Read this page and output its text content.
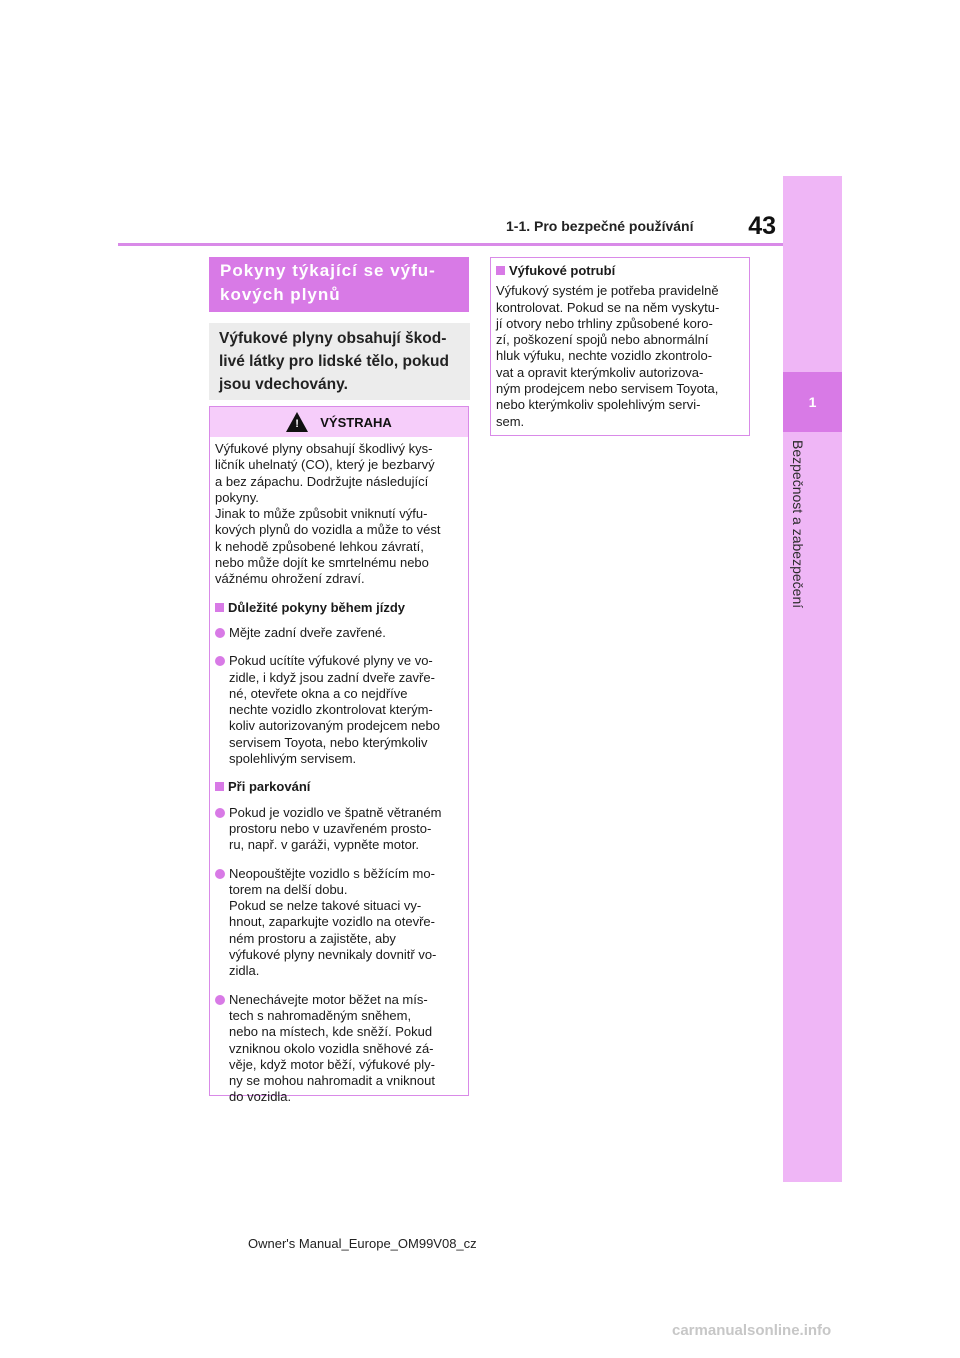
43
1-1. Pro bezpečné používání
1
Bezpečnost a zabezpečení
Pokyny týkající se výfu-
kových plynů
Výfukové plyny obsahují škod-
livé látky pro lidské tělo, pokud
jsou vdechovány.
! VÝSTRAHA

Výfukové plyny obsahují škodlivý kys-

ličník uhelnatý (CO), který je bezbarvý

a bez zápachu. Dodržujte následující

pokyny.

Jinak to může způsobit vniknutí výfu-

kových plynů do vozidla a může to vést

k nehodě způsobené lehkou závratí,

nebo může dojít ke smrtelnému nebo

vážnému ohrožení zdraví.

Důležité pokyny během jízdy

Mějte zadní dveře zavřené.

Pokud ucítíte výfukové plyny ve vo-

zidle, i když jsou zadní dveře zavře-

né, otevřete okna a co nejdříve

nechte vozidlo zkontrolovat kterým-

koliv autorizovaným prodejcem nebo

servisem Toyota, nebo kterýmkoliv

spolehlivým servisem.

Při parkování

Pokud je vozidlo ve špatně větraném

prostoru nebo v uzavřeném prosto-

ru, např. v garáži, vypněte motor.

Neopouštějte vozidlo s běžícím mo-

torem na delší dobu.

Pokud se nelze takové situaci vy-

hnout, zaparkujte vozidlo na otevře-

ném prostoru a zajistěte, aby

výfukové plyny nevnikaly dovnitř vo-

zidla.

Nenechávejte motor běžet na mís-

tech s nahromaděným sněhem,

nebo na místech, kde sněží. Pokud

vzniknou okolo vozidla sněhové zá-

věje, když motor běží, výfukové ply-

ny se mohou nahromadit a vniknout

do vozidla.

Výfukové potrubí

Výfukový systém je potřeba pravidelně

kontrolovat. Pokud se na něm vyskytu-

jí otvory nebo trhliny způsobené koro-

zí, poškození spojů nebo abnormální

hluk výfuku, nechte vozidlo zkontrolo-

vat a opravit kterýmkoliv autorizova-

ným prodejcem nebo servisem Toyota,

nebo kterýmkoliv spolehlivým servi-

sem.

Owner's Manual_Europe_OM99V08_cz
carmanualsonline.info
